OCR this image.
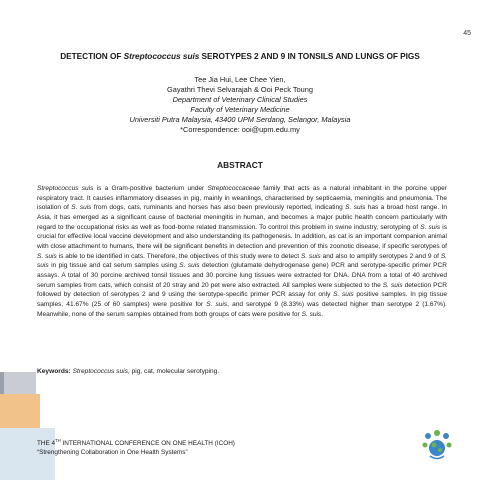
45
DETECTION OF Streptococcus suis SEROTYPES 2 AND 9 IN TONSILS AND LUNGS OF PIGS
Tee Jia Hui, Lee Chee Yien,
Gayathri Thevi Selvarajah & Ooi Peck Toung
Department of Veterinary Clinical Studies
Faculty of Veterinary Medicine
Universiti Putra Malaysia, 43400 UPM Serdang, Selangor, Malaysia
*Correspondence: ooi@upm.edu.my
ABSTRACT
Streptococcus suis is a Gram-positive bacterium under Streptococcaceae family that acts as a natural inhabitant in the porcine upper respiratory tract. It causes inflammatory diseases in pig, mainly in weanlings, characterised by septicaemia, meningitis and pneumonia. The isolation of S. suis from dogs, cats, ruminants and horses has also been previously reported, indicating S. suis has a broad host range. In Asia, it has emerged as a significant cause of bacterial meningitis in human, and becomes a major public health concern particularly with regard to the occupational risks as well as food-borne related transmission. To control this problem in swine industry, serotyping of S. suis is crucial for effective local vaccine development and also understanding its pathogenesis. In addition, as cat is an important companion animal with close attachment to humans, there will be significant benefits in detection and prevention of this zoonotic disease, if specific serotypes of S. suis is able to be identified in cats. Therefore, the objectives of this study were to detect S. suis and also to amplify serotypes 2 and 9 of S. suis in pig tissue and cat serum samples using S. suis detection (glutamate dehydrogenase gene) PCR and serotype-specific primer PCR assays. A total of 30 porcine archived tonsil tissues and 30 porcine lung tissues were extracted for DNA. DNA from a total of 40 archived serum samples from cats, which consist of 20 stray and 20 pet were also extracted. All samples were subjected to the S. suis detection PCR followed by detection of serotypes 2 and 9 using the serotype-specific primer PCR assay for only S. suis positive samples. In pig tissue samples, 41.67% (25 of 60 samples) were positive for S. suis, and serotype 9 (8.33%) was detected higher than serotype 2 (1.67%). Meanwhile, none of the serum samples obtained from both groups of cats were positive for S. suis.
Keywords: Streptococcus suis, pig, cat, molecular serotyping.
THE 4TH INTERNATIONAL CONFERENCE ON ONE HEALTH (ICOH)
“Strengthening Collaboration in One Health Systems”
